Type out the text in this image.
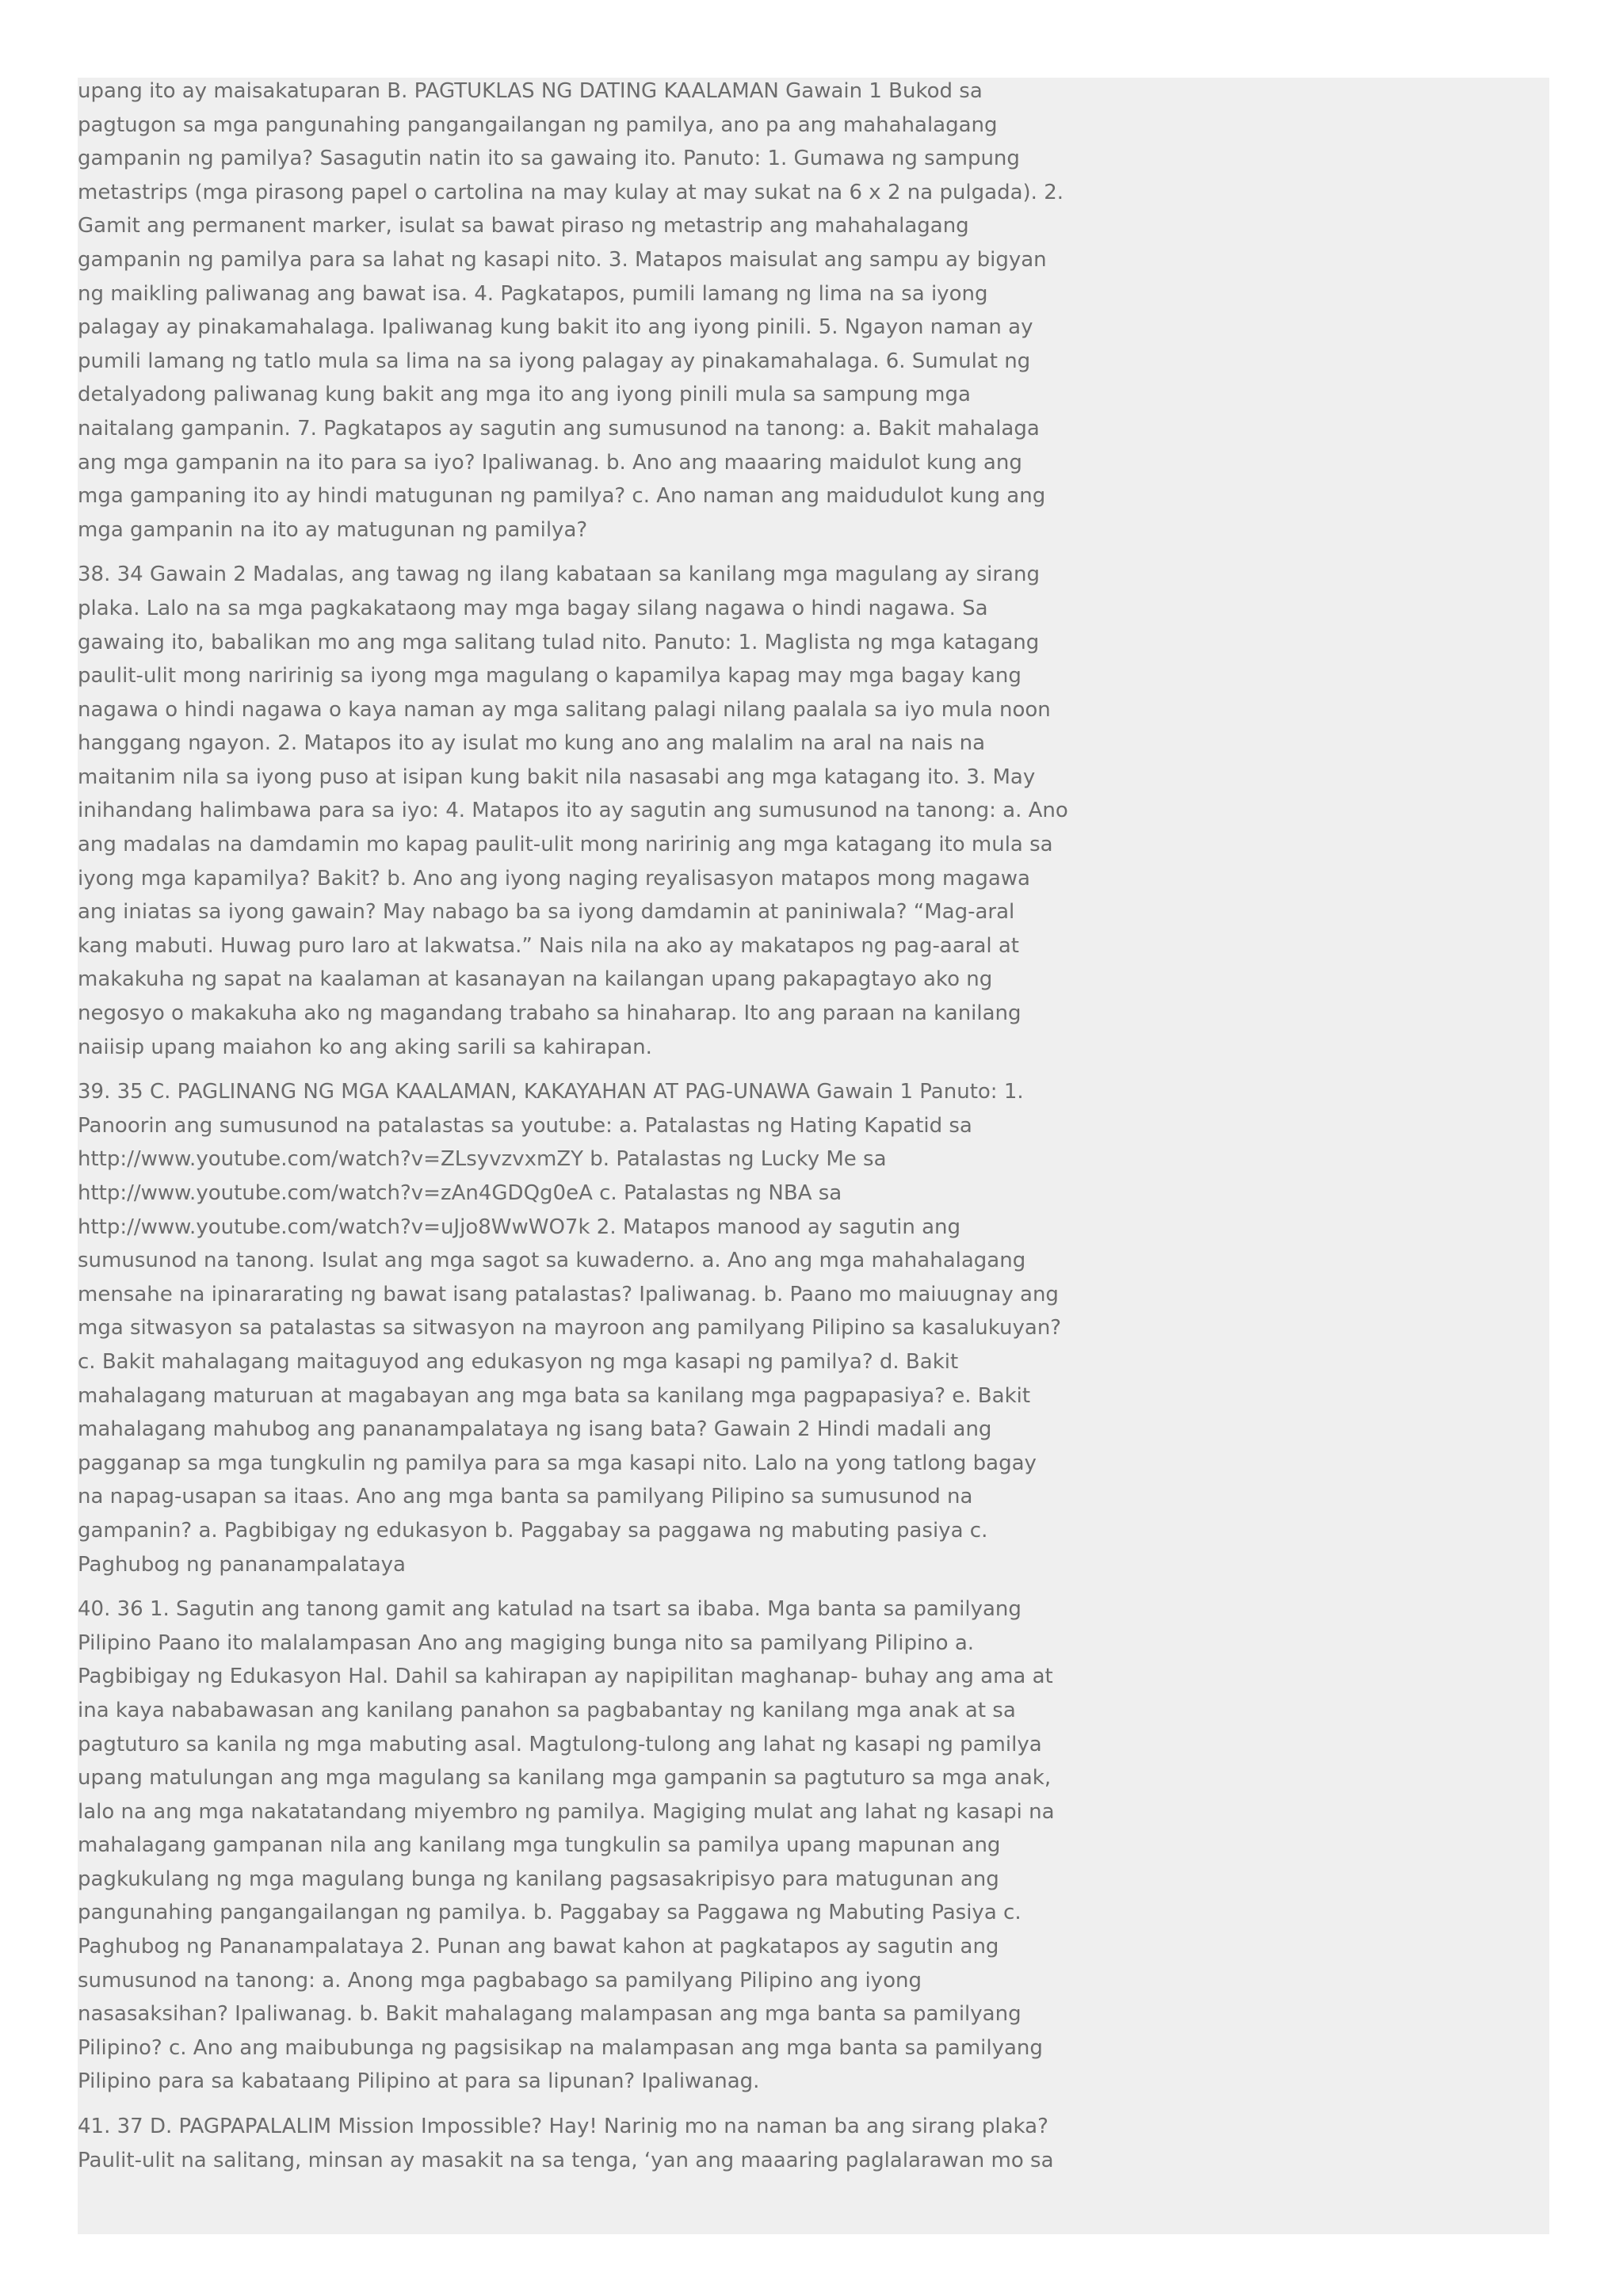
upang ito ay maisakatuparan B. PAGTUKLAS NG DATING KAALAMAN Gawain 1 Bukod sa pagtugon sa mga pangunahing pangangailangan ng pamilya, ano pa ang mahahalagang gampanin ng pamilya? Sasagutin natin ito sa gawaing ito. Panuto: 1. Gumawa ng sampung metastrips (mga pirasong papel o cartolina na may kulay at may sukat na 6 x 2 na pulgada). 2. Gamit ang permanent marker, isulat sa bawat piraso ng metastrip ang mahahalagang gampanin ng pamilya para sa lahat ng kasapi nito. 3. Matapos maisulat ang sampu ay bigyan ng maikling paliwanag ang bawat isa. 4. Pagkatapos, pumili lamang ng lima na sa iyong palagay ay pinakamahalaga. Ipaliwanag kung bakit ito ang iyong pinili. 5. Ngayon naman ay pumili lamang ng tatlo mula sa lima na sa iyong palagay ay pinakamahalaga. 6. Sumulat ng detalyadong paliwanag kung bakit ang mga ito ang iyong pinili mula sa sampung mga naitalang gampanin. 7. Pagkatapos ay sagutin ang sumusunod na tanong: a. Bakit mahalaga ang mga gampanin na ito para sa iyo? Ipaliwanag. b. Ano ang maaaring maidulot kung ang mga gampaning ito ay hindi matugunan ng pamilya? c. Ano naman ang maidudulot kung ang mga gampanin na ito ay matugunan ng pamilya?

38. 34 Gawain 2 Madalas, ang tawag ng ilang kabataan sa kanilang mga magulang ay sirang plaka. Lalo na sa mga pagkakataong may mga bagay silang nagawa o hindi nagawa. Sa gawaing ito, babalikan mo ang mga salitang tulad nito. Panuto: 1. Maglista ng mga katagang paulit-ulit mong naririnig sa iyong mga magulang o kapamilya kapag may mga bagay kang nagawa o hindi nagawa o kaya naman ay mga salitang palagi nilang paalala sa iyo mula noon hanggang ngayon. 2. Matapos ito ay isulat mo kung ano ang malalim na aral na nais na maitanim nila sa iyong puso at isipan kung bakit nila nasasabi ang mga katagang ito. 3. May inihandang halimbawa para sa iyo: 4. Matapos ito ay sagutin ang sumusunod na tanong: a. Ano ang madalas na damdamin mo kapag paulit-ulit mong naririnig ang mga katagang ito mula sa iyong mga kapamilya? Bakit? b. Ano ang iyong naging reyalisasyon matapos mong magawa ang iniatas sa iyong gawain? May nabago ba sa iyong damdamin at paniniwala? “Mag-aral kang mabuti. Huwag puro laro at lakwatsa.” Nais nila na ako ay makatapos ng pag-aaral at makakuha ng sapat na kaalaman at kasanayan na kailangan upang pakapagtayo ako ng negosyo o makakuha ako ng magandang trabaho sa hinaharap. Ito ang paraan na kanilang naiisip upang maiahon ko ang aking sarili sa kahirapan.

39. 35 C. PAGLINANG NG MGA KAALAMAN, KAKAYAHAN AT PAG-UNAWA Gawain 1 Panuto: 1. Panoorin ang sumusunod na patalastas sa youtube: a. Patalastas ng Hating Kapatid sa http://www.youtube.com/watch?v=ZLsyvzvxmZY b. Patalastas ng Lucky Me sa http://www.youtube.com/watch?v=zAn4GDQg0eA c. Patalastas ng NBA sa http://www.youtube.com/watch?v=uJjo8WwWO7k 2. Matapos manood ay sagutin ang sumusunod na tanong. Isulat ang mga sagot sa kuwaderno. a. Ano ang mga mahahalagang mensahe na ipinararating ng bawat isang patalastas? Ipaliwanag. b. Paano mo maiuugnay ang mga sitwasyon sa patalastas sa sitwasyon na mayroon ang pamilyang Pilipino sa kasalukuyan? c. Bakit mahalagang maitaguyod ang edukasyon ng mga kasapi ng pamilya? d. Bakit mahalagang maturuan at magabayan ang mga bata sa kanilang mga pagpapasiya? e. Bakit mahalagang mahubog ang pananampalataya ng isang bata? Gawain 2 Hindi madali ang pagganap sa mga tungkulin ng pamilya para sa mga kasapi nito. Lalo na yong tatlong bagay na napag-usapan sa itaas. Ano ang mga banta sa pamilyang Pilipino sa sumusunod na gampanin? a. Pagbibigay ng edukasyon b. Paggabay sa paggawa ng mabuting pasiya c. Paghubog ng pananampalataya

40. 36 1. Sagutin ang tanong gamit ang katulad na tsart sa ibaba. Mga banta sa pamilyang Pilipino Paano ito malalampasan Ano ang magiging bunga nito sa pamilyang Pilipino a. Pagbibigay ng Edukasyon Hal. Dahil sa kahirapan ay napipilitan maghanap- buhay ang ama at ina kaya nababawasan ang kanilang panahon sa pagbabantay ng kanilang mga anak at sa pagtuturo sa kanila ng mga mabuting asal. Magtulong-tulong ang lahat ng kasapi ng pamilya upang matulungan ang mga magulang sa kanilang mga gampanin sa pagtuturo sa mga anak, lalo na ang mga nakatatandang miyembro ng pamilya. Magiging mulat ang lahat ng kasapi na mahalagang gampanan nila ang kanilang mga tungkulin sa pamilya upang mapunan ang pagkukulang ng mga magulang bunga ng kanilang pagsasakripisyo para matugunan ang pangunahing pangangailangan ng pamilya. b. Paggabay sa Paggawa ng Mabuting Pasiya c. Paghubog ng Pananampalataya 2. Punan ang bawat kahon at pagkatapos ay sagutin ang sumusunod na tanong: a. Anong mga pagbabago sa pamilyang Pilipino ang iyong nasasaksihan? Ipaliwanag. b. Bakit mahalagang malampasan ang mga banta sa pamilyang Pilipino? c. Ano ang maibubunga ng pagsisikap na malampasan ang mga banta sa pamilyang Pilipino para sa kabataang Pilipino at para sa lipunan? Ipaliwanag.

41. 37 D. PAGPAPALALIM Mission Impossible? Hay! Narinig mo na naman ba ang sirang plaka? Paulit-ulit na salitang, minsan ay masakit na sa tenga, ‘yan ang maaaring paglalarawan mo sa
